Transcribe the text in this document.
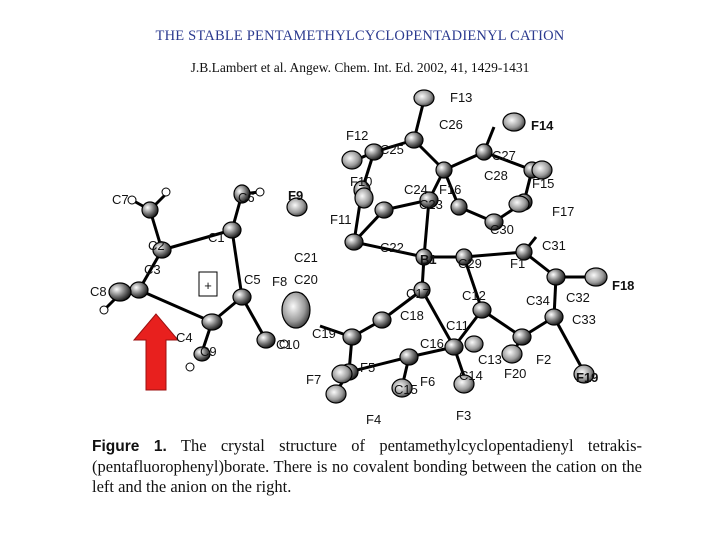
THE STABLE PENTAMETHYLCYCLOPENTADIENYL CATION
J.B.Lambert et al. Angew. Chem. Int. Ed. 2002, 41, 1429-1431
+
F13
C26	F14
F12
C25	C27
C28
F15
C7	C6	F9
F10
C24 F16
C23	F17
F11
C30
C31
C1
C2
C21
C22
B1 C29 F1
C3
C5 F8 C20
C8	F18
C17 C12	C34 C32
C18	C33
C11
C4	C19
C16
C9	C10
C13	F2
F5	F20
F7	F6 C14
C15
F19
F3
F4
Figure 1. The crystal structure of pentamethylcyclopentadienyl tetrakis-(pentafluorophenyl)borate. There is no covalent bonding between the cation on the left and the anion on the right.
